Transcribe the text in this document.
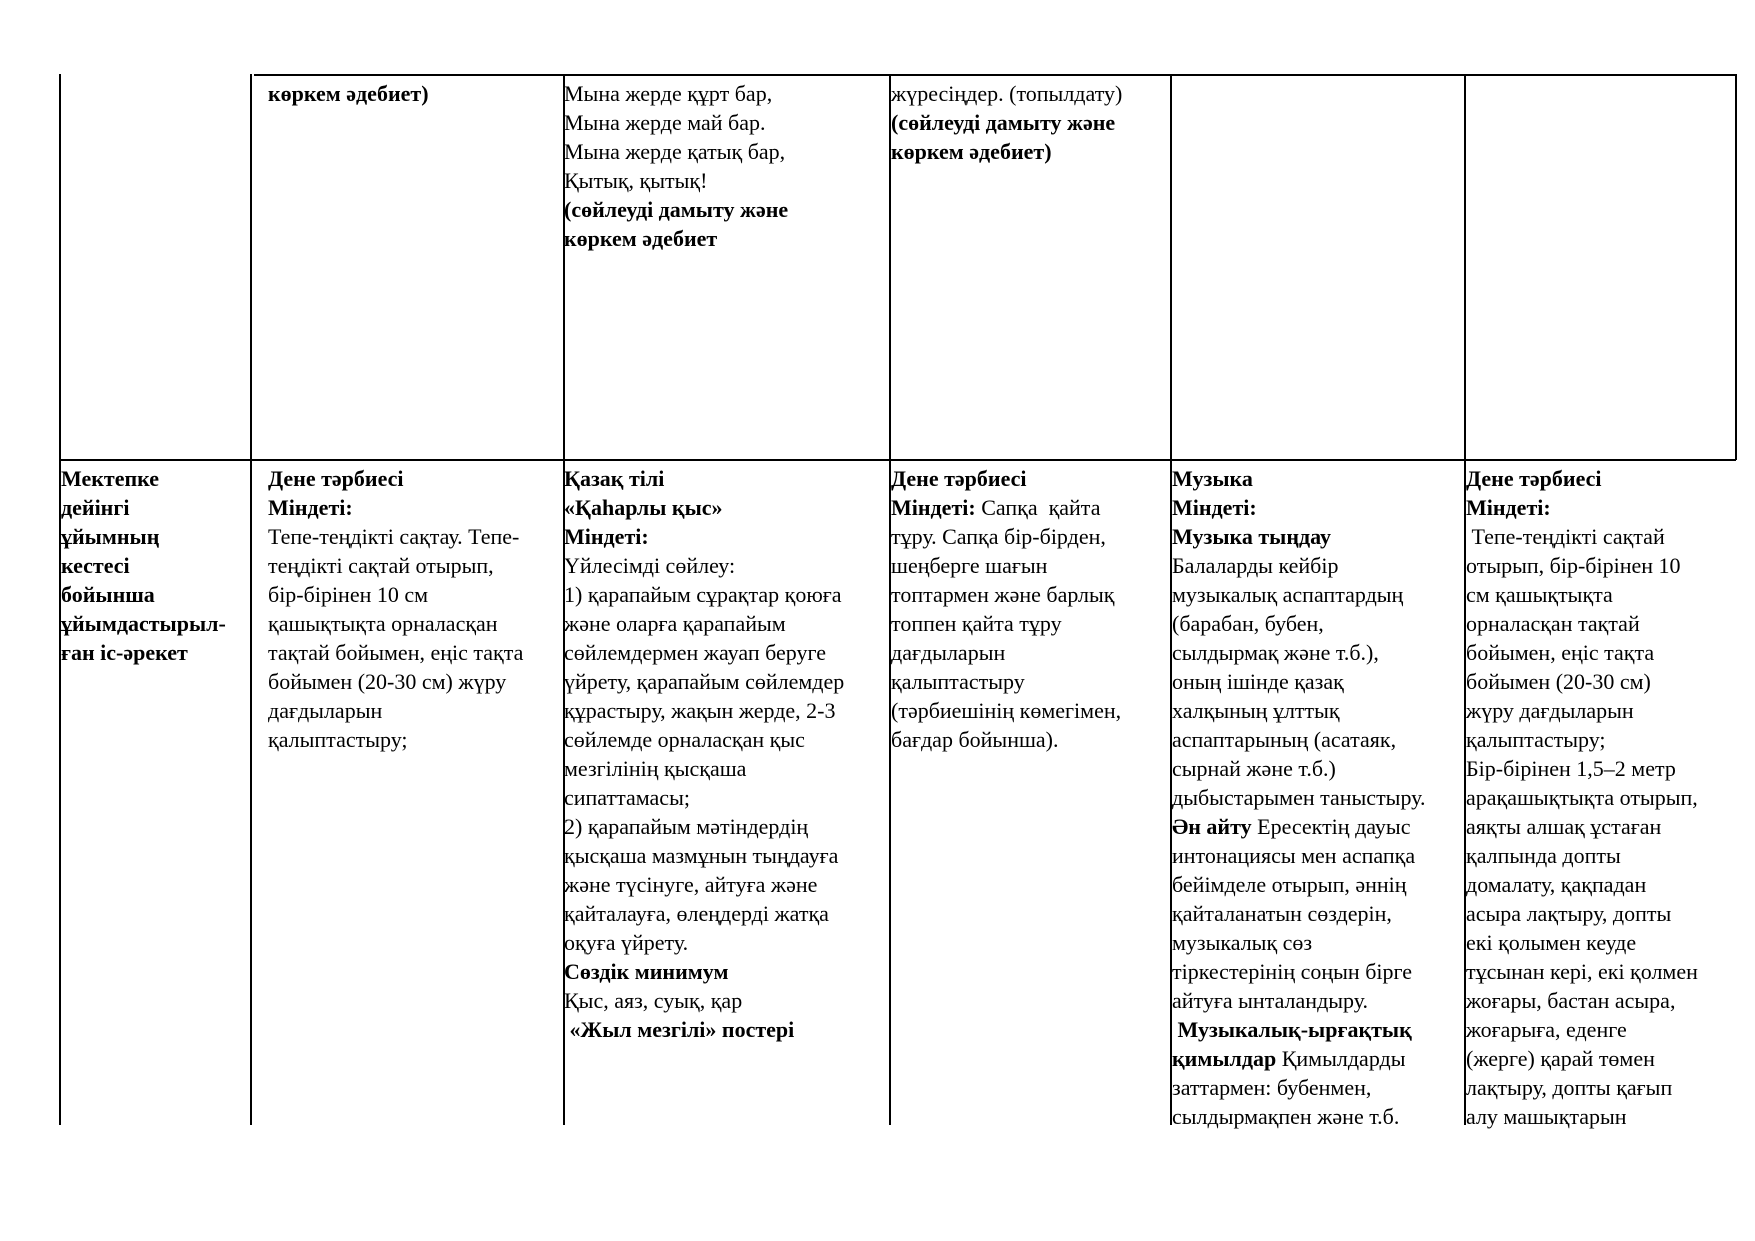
көркем әдебиет)	Мына жерде құрт бар,
Мына жерде май бар.
Мына жерде қатық бар,
Қытық, қытық!
(сөйлеуді дамыту және
көркем әдебиет
жүресіңдер. (топылдату)
(сөйлеуді дамыту және
көркем әдебиет)
Мектепке
дейінгі
ұйымның
кестесі
бойынша
ұйымдастырыл-
ған іс-әрекет
Дене тәрбиесі
Міндеті:
Тепе-теңдікті сақтау. Тепе-
теңдікті сақтай отырып,
бір-бірінен 10 см
қашықтықта орналасқан
тақтай бойымен, еңіс тақта
бойымен (20-30 см) жүру
дағдыларын
қалыптастыру;
Қазақ тілі
«Қаһарлы қыс»
Міндеті:
Үйлесімді сөйлеу:
1) қарапайым сұрақтар қоюға
және оларға қарапайым
сөйлемдермен жауап беруге
үйрету, қарапайым сөйлемдер
құрастыру, жақын жерде, 2-3
сөйлемде орналасқан қыс
мезгілінің қысқаша
сипаттамасы;
2) қарапайым мәтіндердің
қысқаша мазмұнын тыңдауға
және түсінуге, айтуға және
қайталауға, өлеңдерді жатқа
оқуға үйрету.
Сөздік минимум
Қыс, аяз, суық, қар
«Жыл мезгілі» постері
Дене тәрбиесі
Міндеті: Сапқа  қайта
тұру. Сапқа бір-бірден,
шеңберге шағын
топтармен және барлық
топпен қайта тұру
дағдыларын
қалыптастыру
(тәрбиешінің көмегімен,
бағдар бойынша).
Музыка
Міндеті:
Музыка тыңдау
Балаларды кейбір
музыкалық аспаптардың
(барабан, бубен,
сылдырмақ және т.б.),
оның ішінде қазақ
халқының ұлттық
аспаптарының (асатаяк,
сырнай және т.б.)
дыбыстарымен таныстыру.
Ән айту Ересектің дауыс
интонациясы мен аспапқа
бейімделе отырып, әннің
қайталанатын сөздерін,
музыкалық сөз
тіркестерінің соңын бірге
айтуға ынталандыру.
Музыкалық-ырғақтық
қимылдар Қимылдарды
заттармен: бубенмен,
сылдырмақпен және т.б.
Дене тәрбиесі
Міндеті:
Тепе-теңдікті сақтай
отырып, бір-бірінен 10
см қашықтықта
орналасқан тақтай
бойымен, еңіс тақта
бойымен (20-30 см)
жүру дағдыларын
қалыптастыру;
Бір-бірінен 1,5–2 метр
арақашықтықта отырып,
аяқты алшақ ұстаған
қалпында допты
домалату, қақпадан
асыра лақтыру, допты
екі қолымен кеуде
тұсынан кері, екі қолмен
жоғары, бастан асыра,
жоғарыға, еденге
(жерге) қарай төмен
лақтыру, допты қағып
алу машықтарын
